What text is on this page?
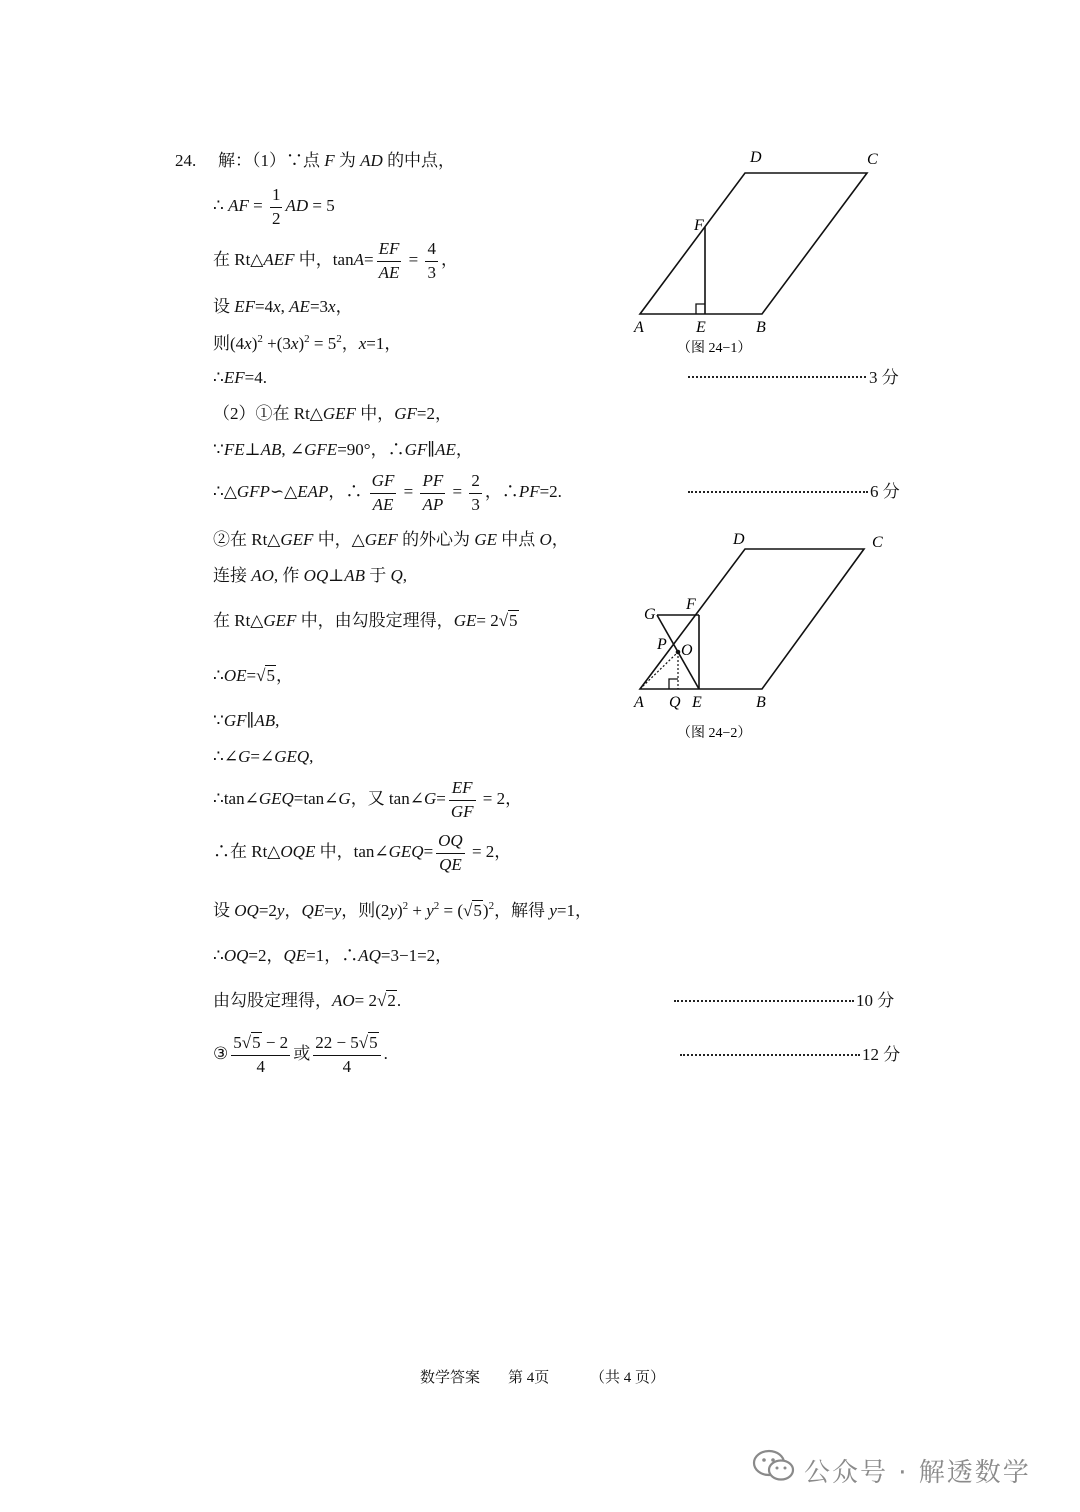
24. 解：（1）∵点 F 为 AD 的中点，
∴ AF = $\frac{1}{2}$ AD = 5
在 Rt△AEF 中，$\tan A= \frac{EF}{AE} = \frac{4}{3}$ ，
设 EF=4x, AE=3x，
则$(4x)^2 +(3x)^2 = 5^2$，x=1，
∴EF=4.	3 分
（2）①在 Rt△GEF 中，GF=2，
∵FE⊥AB, ∠GFE=90°，∴GF∥AE，
∴△GFP∽△EAP，∴ $\frac{GF}{AE} = \frac{PF}{AP} = \frac{2}{3}$ ，∴PF=2.	6 分
②在 Rt△GEF 中，△GEF 的外心为 GE 中点 O，
连接 AO, 作 OQ⊥AB 于 Q,
在 Rt△GEF 中，由勾股定理得，GE= 2√5
∴OE=√5，
∵GF∥AB,
∴∠G=∠GEQ,
∴tan∠GEQ=tan∠G，又 tan∠G= $\frac{EF}{GF} = 2$，
∴在 Rt△OQE 中，tan∠GEQ= $\frac{OQ}{QE} = 2$，
设 OQ=2y，QE=y，则$(2y)^2 + y^2 = (√5)^2$，解得 y=1，
∴OQ=2，QE=1，∴AQ=3−1=2，
由勾股定理得，AO= 2√2.	10 分
③ $\frac{5√5 - 2}{4}$ 或 $\frac{22 - 5√5}{4}$ .	12 分
A	B
C
D
E
F
（图 24−1）
A	B
C
D
E
F
G
P O
Q
（图 24−2）
数学答案 第 4页	（共 4 页）
公众号 · 解透数学
